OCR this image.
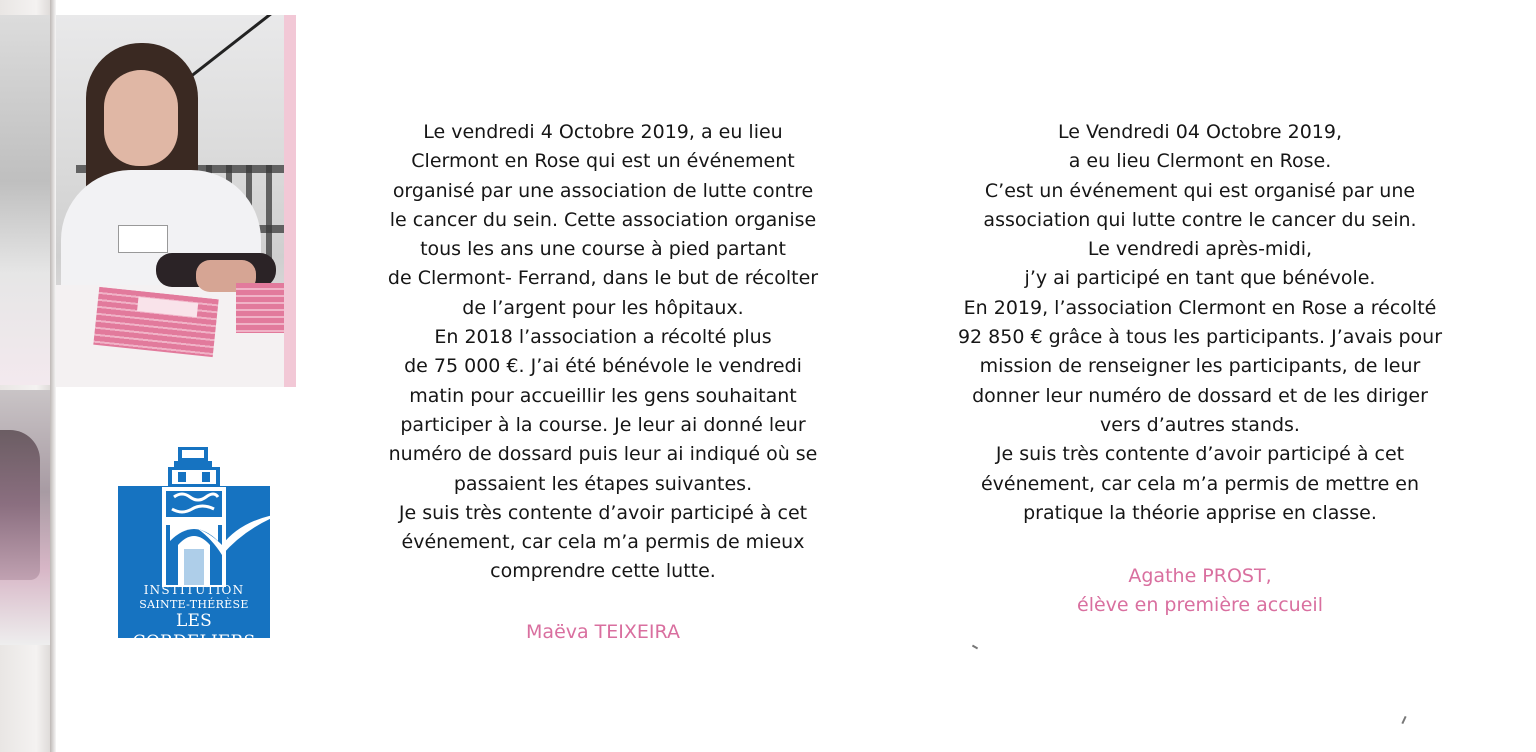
INSTITUTION
SAINTE-THÉRÈSE
LES CORDELIERS
Le vendredi 4 Octobre 2019, a eu lieu
Clermont en Rose qui est un événement
organisé par une association de lutte contre
le cancer du sein. Cette association organise
tous les ans une course à pied partant
de Clermont- Ferrand, dans le but de récolter
de l’argent pour les hôpitaux.
En 2018 l’association a récolté plus
de 75 000 €. J’ai été bénévole le vendredi
matin pour accueillir les gens souhaitant
participer à la course. Je leur ai donné leur
numéro de dossard puis leur ai indiqué où se
passaient les étapes suivantes.
Je suis très contente d’avoir participé à cet
événement, car cela m’a permis de mieux
comprendre cette lutte.
Maëva TEIXEIRA
Le Vendredi 04 Octobre 2019,
a eu lieu Clermont en Rose.
C’est un événement qui est organisé par une
association qui lutte contre le cancer du sein.
Le vendredi après-midi,
j’y ai participé en tant que bénévole.
En 2019, l’association Clermont en Rose a récolté
92 850 € grâce à tous les participants. J’avais pour
mission de renseigner les participants, de leur
donner leur numéro de dossard et de les diriger
vers d’autres stands.
Je suis très contente d’avoir participé à cet
événement, car cela m’a permis de mettre en
pratique la théorie apprise en classe.
Agathe PROST,
élève en première accueil
